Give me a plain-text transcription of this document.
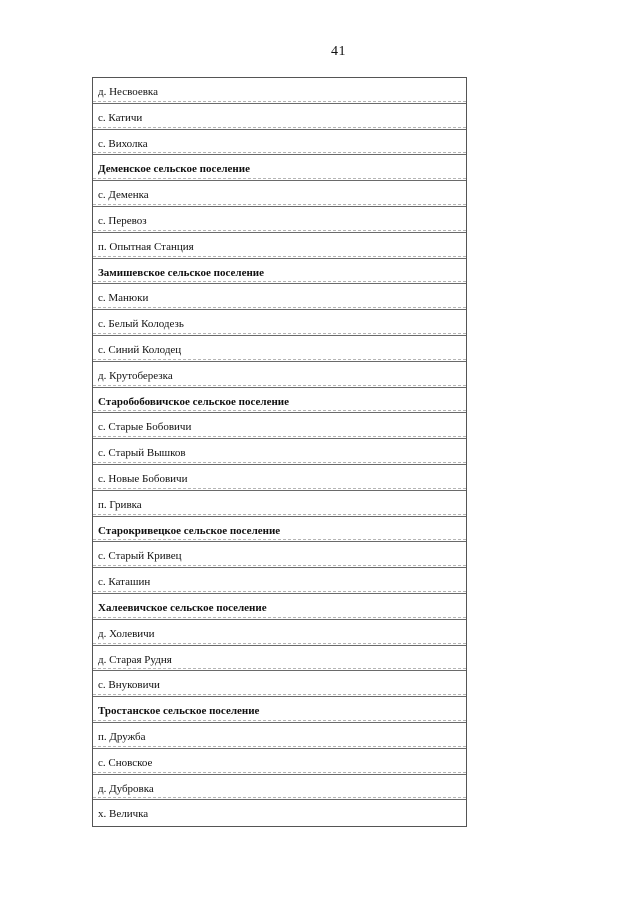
41
д. Несвоевка
с. Катичи
с. Вихолка
Деменское сельское поселение
с. Деменка
с. Перевоз
п. Опытная Станция
Замишевское сельское поселение
с. Манюки
с. Белый Колодезь
с. Синий Колодец
д. Крутоберезка
Старобобовичское сельское поселение
с. Старые Бобовичи
с. Старый Вышков
с. Новые Бобовичи
п. Гривка
Старокривецкое сельское поселение
с. Старый Кривец
с. Каташин
Халеевичское сельское поселение
д. Холевичи
д. Старая Рудня
с. Внуковичи
Тростанское сельское поселение
п. Дружба
с. Сновское
д. Дубровка
х. Величка
